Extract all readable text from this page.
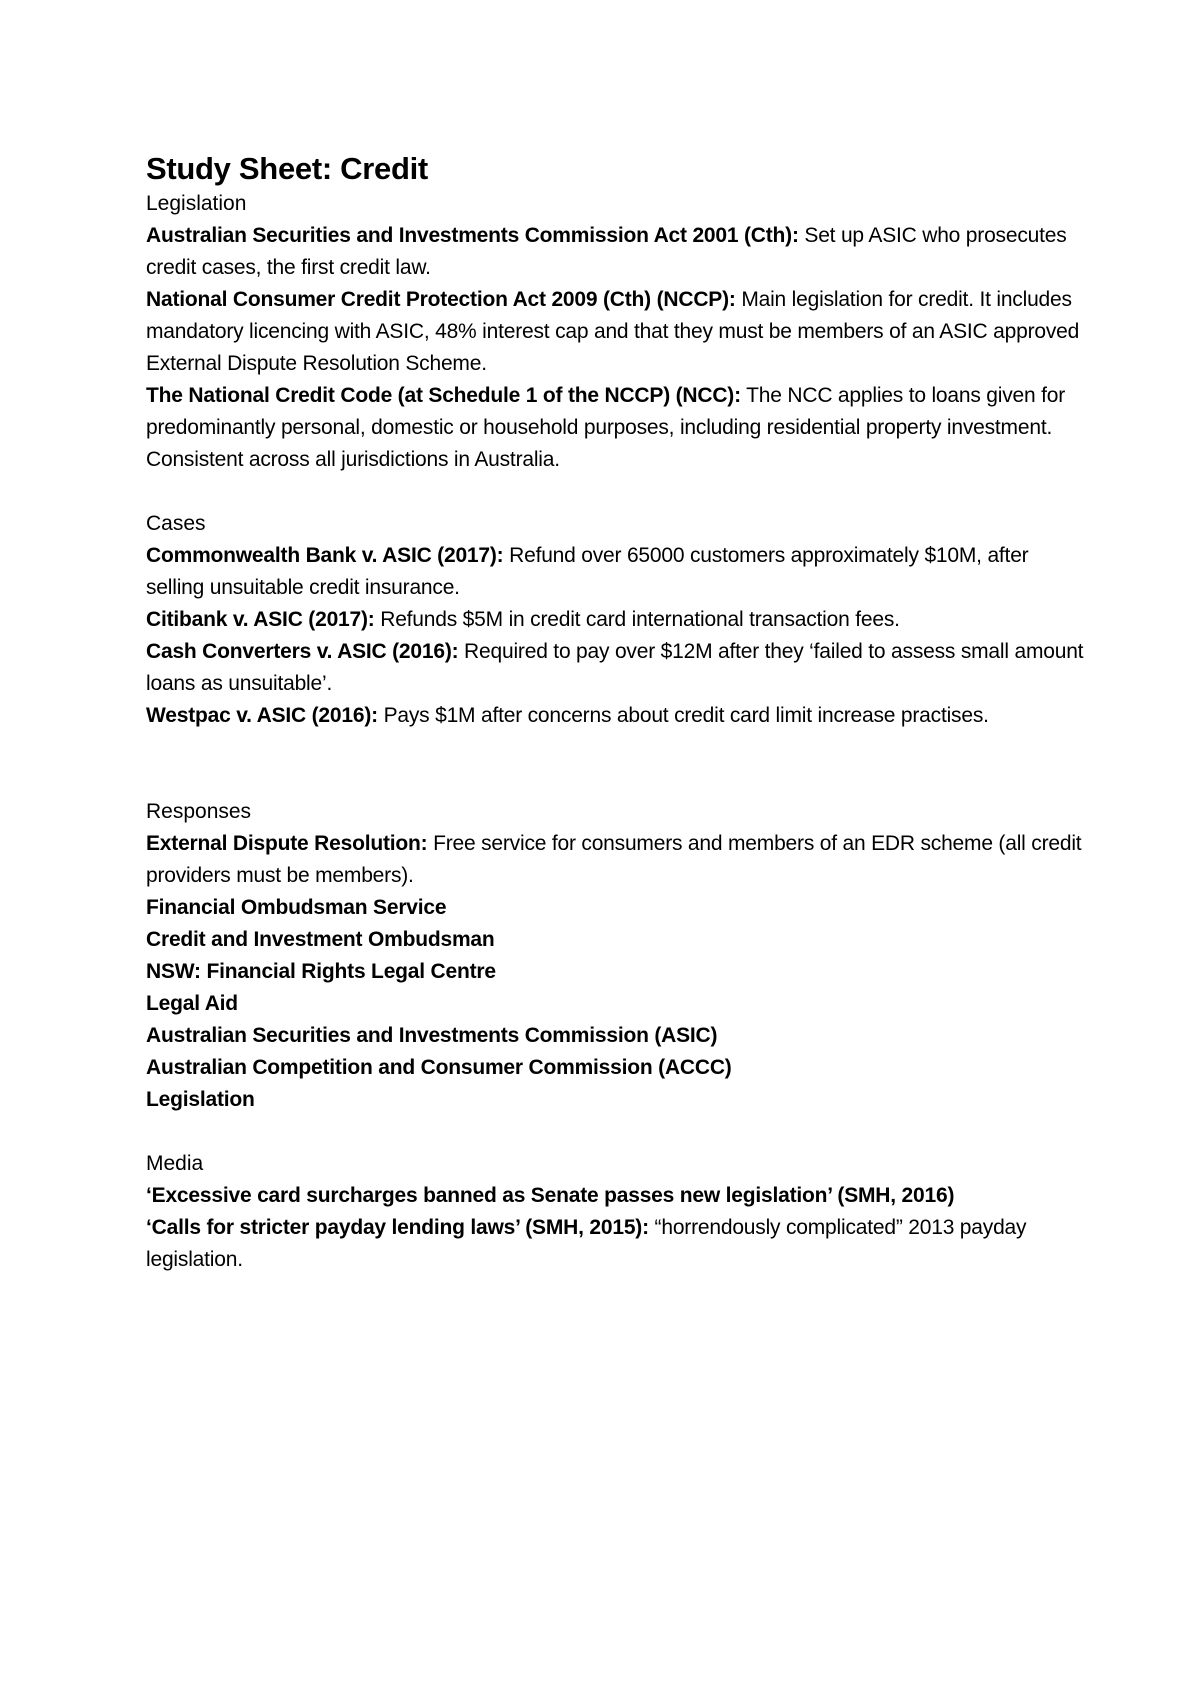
Study Sheet: Credit

Legislation

Australian Securities and Investments Commission Act 2001 (Cth): Set up ASIC who prosecutes credit cases, the first credit law.

National Consumer Credit Protection Act 2009 (Cth) (NCCP): Main legislation for credit. It includes mandatory licencing with ASIC, 48% interest cap and that they must be members of an ASIC approved External Dispute Resolution Scheme.

The National Credit Code (at Schedule 1 of the NCCP) (NCC): The NCC applies to loans given for predominantly personal, domestic or household purposes, including residential property investment. Consistent across all jurisdictions in Australia.

Cases

Commonwealth Bank v. ASIC (2017): Refund over 65000 customers approximately $10M, after selling unsuitable credit insurance.

Citibank v. ASIC (2017): Refunds $5M in credit card international transaction fees.

Cash Converters v. ASIC (2016): Required to pay over $12M after they ‘failed to assess small amount loans as unsuitable’.

Westpac v. ASIC (2016): Pays $1M after concerns about credit card limit increase practises.

Responses

External Dispute Resolution: Free service for consumers and members of an EDR scheme (all credit providers must be members).

Financial Ombudsman Service

Credit and Investment Ombudsman

NSW: Financial Rights Legal Centre

Legal Aid

Australian Securities and Investments Commission (ASIC)

Australian Competition and Consumer Commission (ACCC)

Legislation

Media

‘Excessive card surcharges banned as Senate passes new legislation’ (SMH, 2016)

‘Calls for stricter payday lending laws’ (SMH, 2015): “horrendously complicated” 2013 payday legislation.
